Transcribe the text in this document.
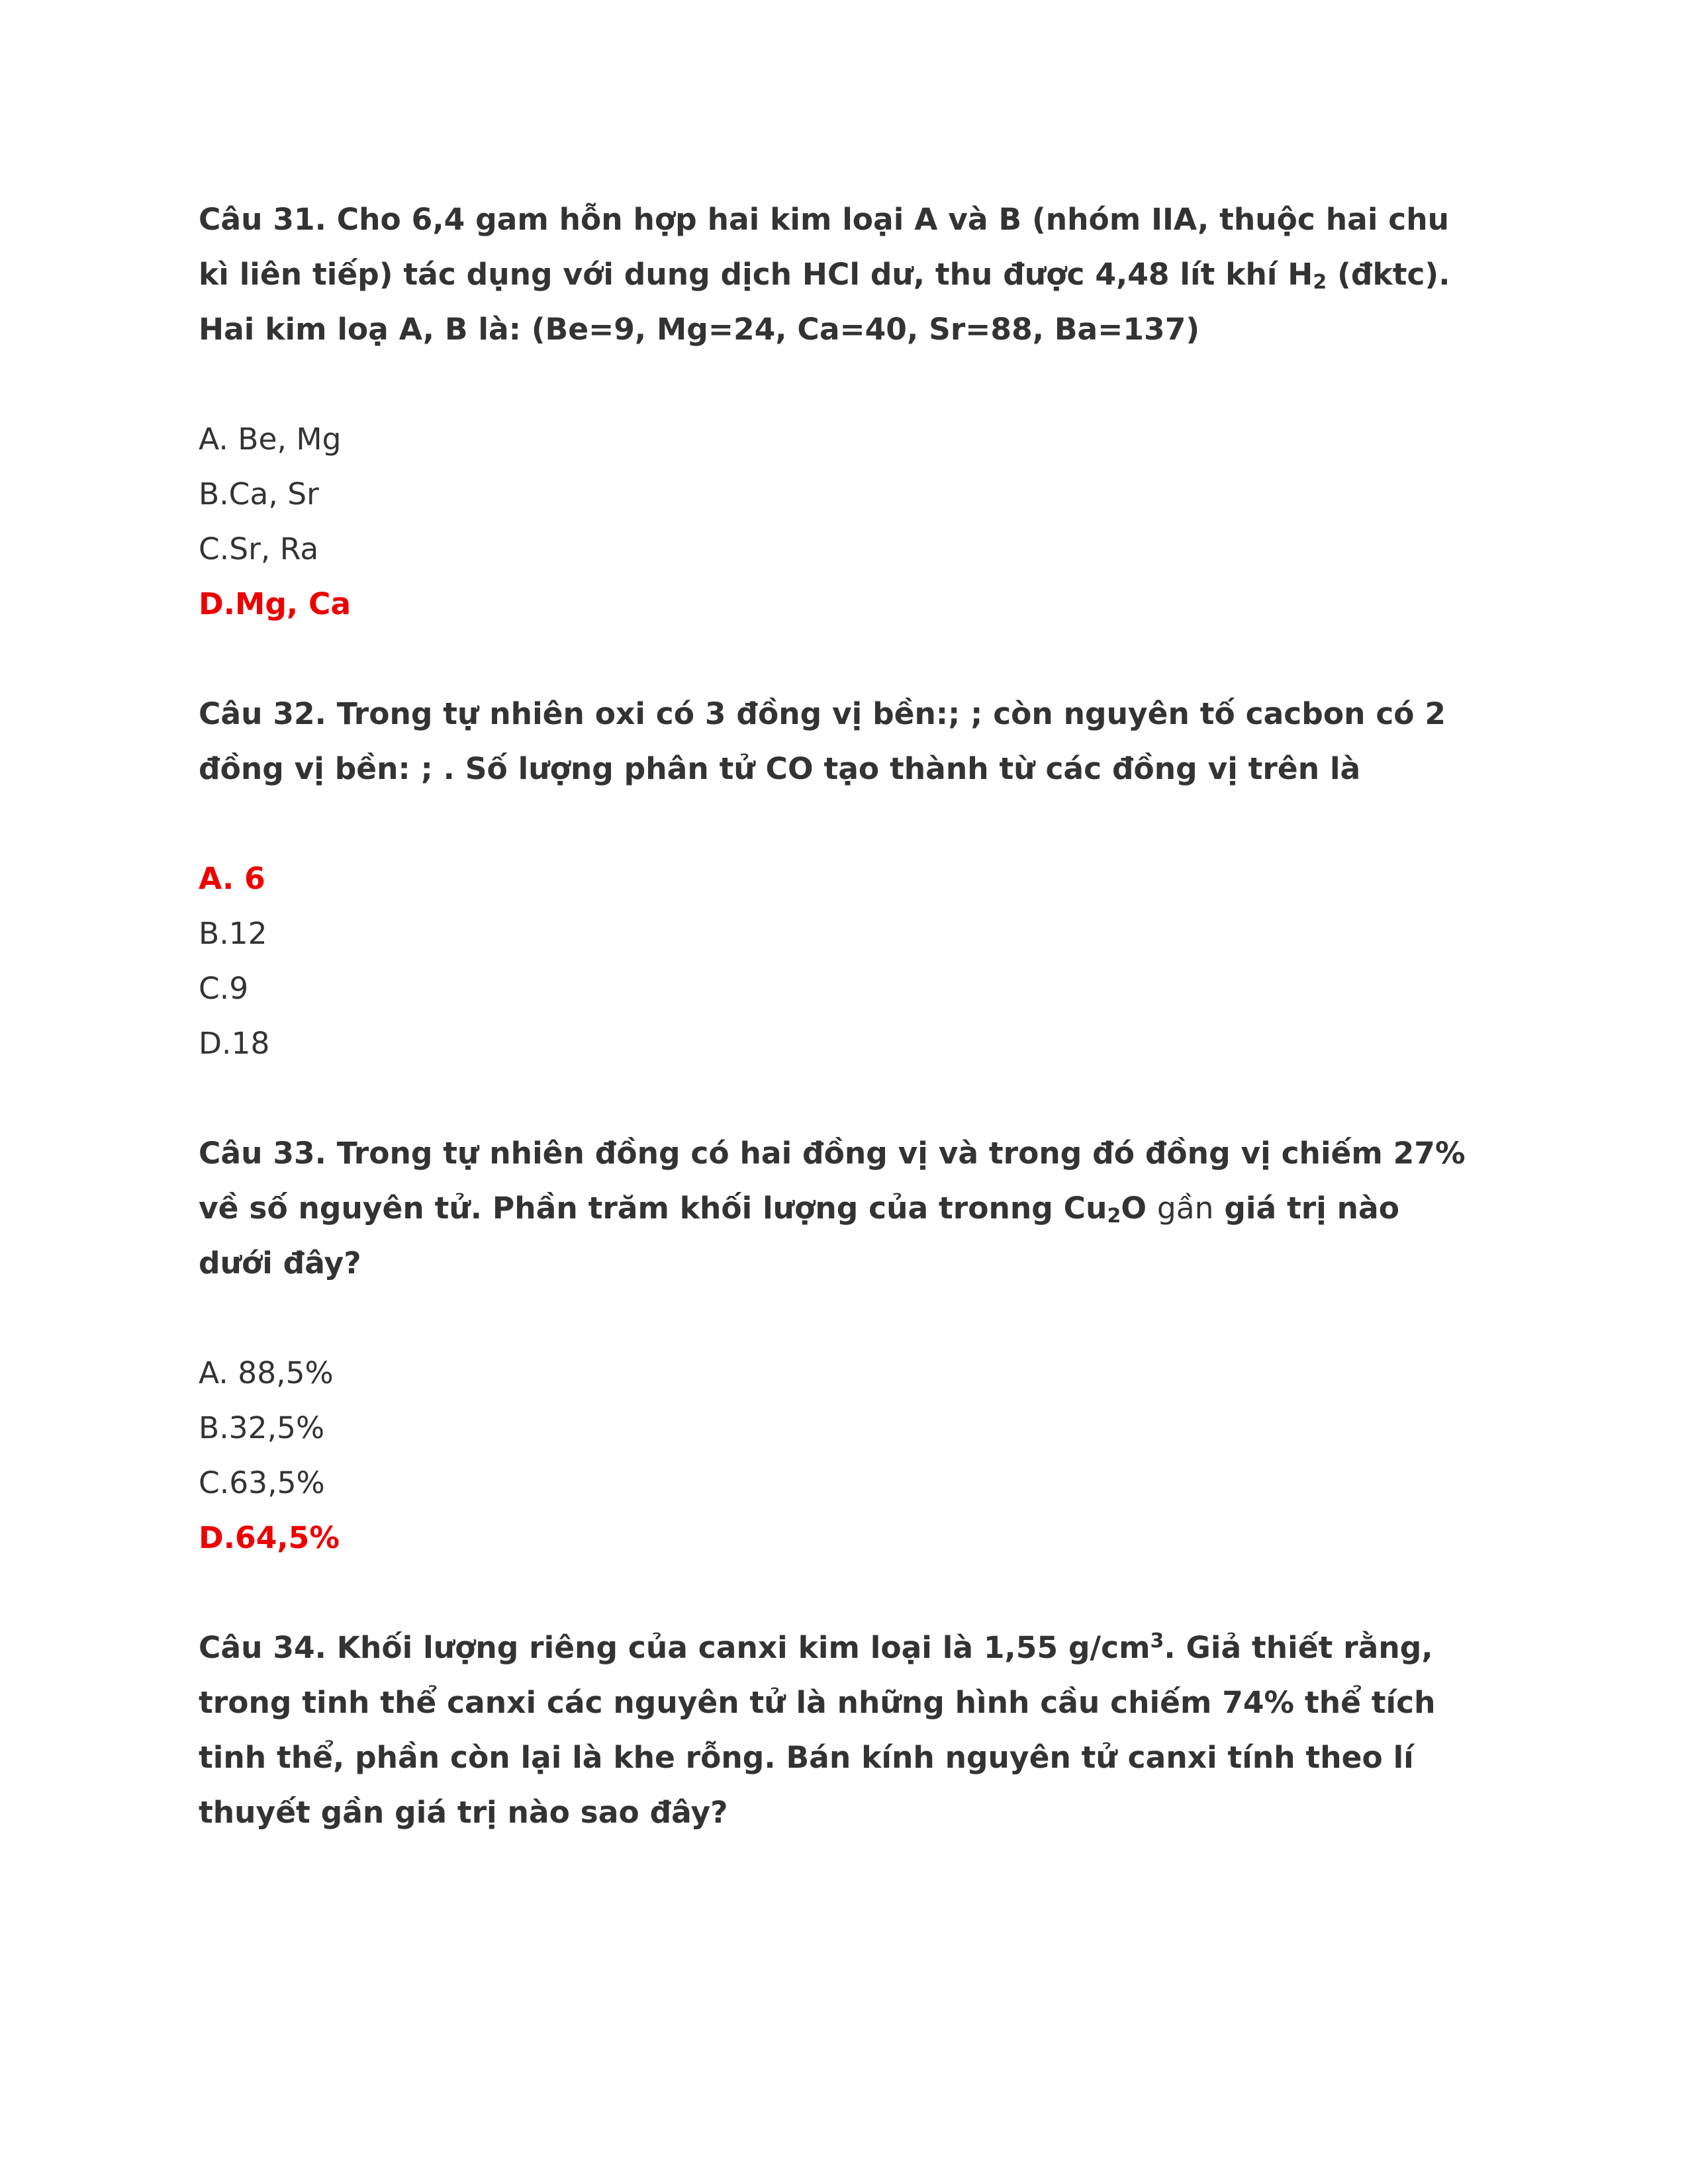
Câu 31. Cho 6,4 gam hỗn hợp hai kim loại A và B (nhóm IIA, thuộc hai chu
kì liên tiếp) tác dụng với dung dịch HCl dư, thu được 4,48 lít khí $H_2$ (đktc).
Hai kim loạ A, B là: (Be=9, Mg=24, Ca=40, Sr=88, Ba=137)
A. Be, Mg
B.Ca, Sr
C.Sr, Ra
D.Mg, Ca
Câu 32. Trong tự nhiên oxi có 3 đồng vị bền:; ; còn nguyên tố cacbon có 2
đồng vị bền: ; . Số lượng phân tử CO tạo thành từ các đồng vị trên là
A. 6
B.12
C.9
D.18
Câu 33. Trong tự nhiên đồng có hai đồng vị và trong đó đồng vị chiếm 27%
về số nguyên tử. Phần trăm khối lượng của tronng $Cu_2O$ gần giá trị nào
dưới đây?
A. 88,5%
B.32,5%
C.63,5%
D.64,5%
Câu 34. Khối lượng riêng của canxi kim loại là 1,55 $g/cm^3$. Giả thiết rằng,
trong tinh thể canxi các nguyên tử là những hình cầu chiếm 74% thể tích
tinh thể, phần còn lại là khe rỗng. Bán kính nguyên tử canxi tính theo lí
thuyết gần giá trị nào sao đây?
